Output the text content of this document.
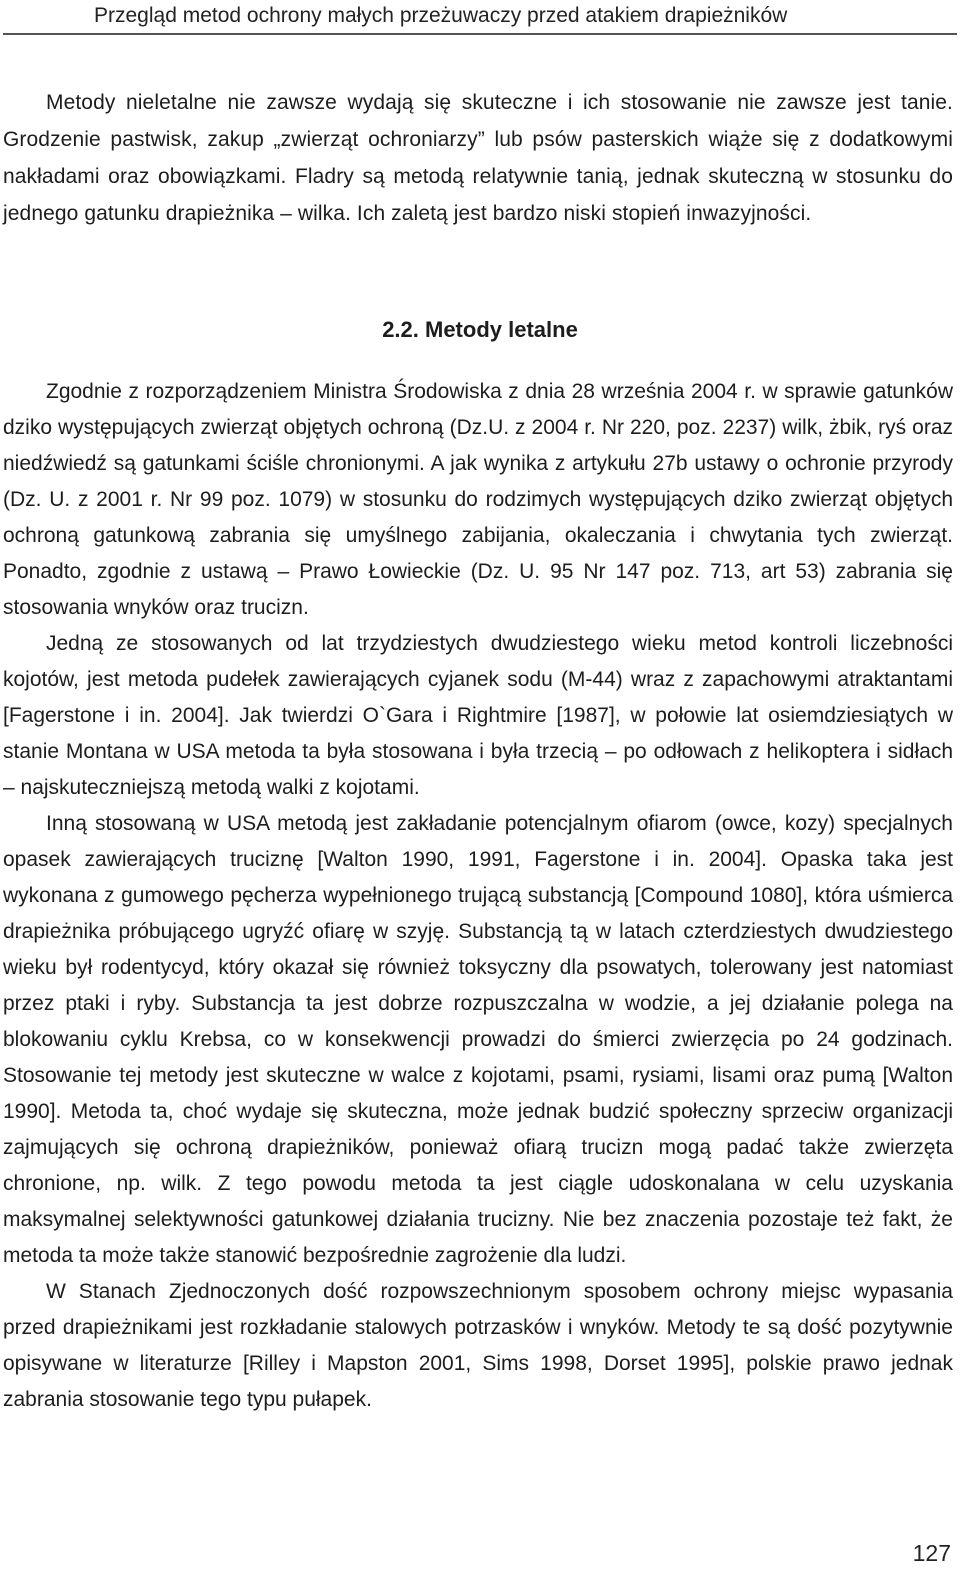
Przegląd metod ochrony małych przeżuwaczy przed atakiem drapieżników

Metody nieletalne nie zawsze wydają się skuteczne i ich stosowanie nie zawsze jest tanie. Grodzenie pastwisk, zakup „zwierząt ochroniarzy” lub psów pasterskich wiąże się z dodatkowymi nakładami oraz obowiązkami. Fladry są metodą relatywnie tanią, jednak skuteczną w stosunku do jednego gatunku drapieżnika – wilka. Ich zaletą jest bardzo niski stopień inwazyjności.

2.2. Metody letalne

Zgodnie z rozporządzeniem Ministra Środowiska z dnia 28 września 2004 r. w sprawie gatunków dziko występujących zwierząt objętych ochroną (Dz.U. z 2004 r. Nr 220, poz. 2237) wilk, żbik, ryś oraz niedźwiedź są gatunkami ściśle chronionymi. A jak wynika z artykułu 27b ustawy o ochronie przyrody (Dz. U. z 2001 r. Nr 99 poz. 1079) w stosunku do rodzimych występujących dziko zwierząt objętych ochroną gatunkową zabrania się umyślnego zabijania, okaleczania i chwytania tych zwierząt. Ponadto, zgodnie z ustawą – Prawo Łowieckie (Dz. U. 95 Nr 147 poz. 713, art 53) zabrania się stosowania wnyków oraz trucizn.

Jedną ze stosowanych od lat trzydziestych dwudziestego wieku metod kontroli liczebności kojotów, jest metoda pudełek zawierających cyjanek sodu (M-44) wraz z zapachowymi atraktantami [Fagerstone i in. 2004]. Jak twierdzi O`Gara i Rightmire [1987], w połowie lat osiemdziesiątych w stanie Montana w USA metoda ta była stosowana i była trzecią – po odłowach z helikoptera i sidłach – najskuteczniejszą metodą walki z kojotami.

Inną stosowaną w USA metodą jest zakładanie potencjalnym ofiarom (owce, kozy) specjalnych opasek zawierających truciznę [Walton 1990, 1991, Fagerstone i in. 2004]. Opaska taka jest wykonana z gumowego pęcherza wypełnionego trującą substancją [Compound 1080], która uśmierca drapieżnika próbującego ugryźć ofiarę w szyję. Substancją tą w latach czterdziestych dwudziestego wieku był rodentycyd, który okazał się również toksyczny dla psowatych, tolerowany jest natomiast przez ptaki i ryby. Substancja ta jest dobrze rozpuszczalna w wodzie, a jej działanie polega na blokowaniu cyklu Krebsa, co w konsekwencji prowadzi do śmierci zwierzęcia po 24 godzinach. Stosowanie tej metody jest skuteczne w walce z kojotami, psami, rysiami, lisami oraz pumą [Walton 1990]. Metoda ta, choć wydaje się skuteczna, może jednak budzić społeczny sprzeciw organizacji zajmujących się ochroną drapieżników, ponieważ ofiarą trucizn mogą padać także zwierzęta chronione, np. wilk. Z tego powodu metoda ta jest ciągle udoskonalana w celu uzyskania maksymalnej selektywności gatunkowej działania trucizny. Nie bez znaczenia pozostaje też fakt, że metoda ta może także stanowić bezpośrednie zagrożenie dla ludzi.

W Stanach Zjednoczonych dość rozpowszechnionym sposobem ochrony miejsc wypasania przed drapieżnikami jest rozkładanie stalowych potrzasków i wnyków. Metody te są dość pozytywnie opisywane w literaturze [Rilley i Mapston 2001, Sims 1998, Dorset 1995], polskie prawo jednak zabrania stosowanie tego typu pułapek.

127
